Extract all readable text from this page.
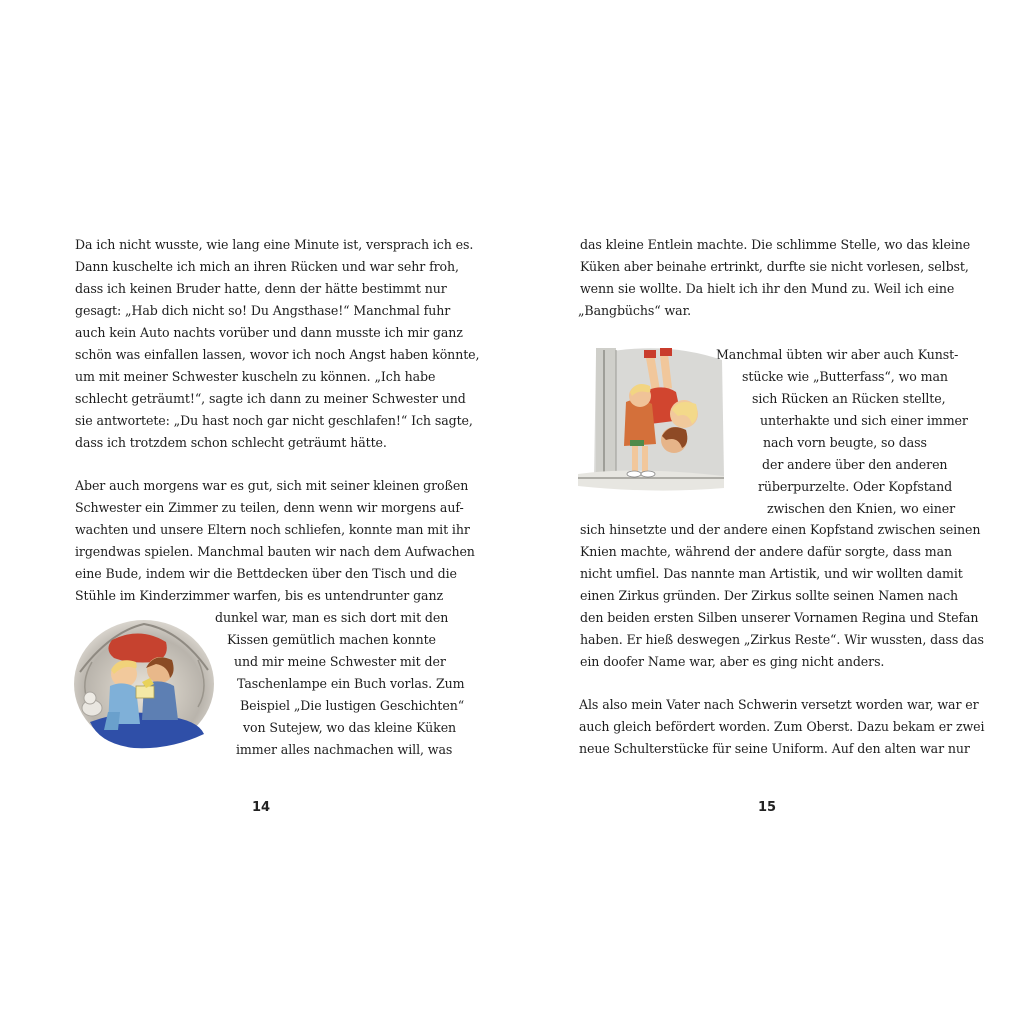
Da ich nicht wusste, wie lang eine Minute ist, versprach ich es.
Dann kuschelte ich mich an ihren Rücken und war sehr froh,
dass ich keinen Bruder hatte, denn der hätte bestimmt nur
gesagt: „Hab dich nicht so! Du Angsthase!“ Manchmal fuhr
auch kein Auto nachts vorüber und dann musste ich mir ganz
schön was einfallen lassen, wovor ich noch Angst haben könnte,
um mit meiner Schwester kuscheln zu können. „Ich habe
schlecht geträumt!“, sagte ich dann zu meiner Schwester und
sie antwortete: „Du hast noch gar nicht geschlafen!“ Ich sagte,
dass ich trotzdem schon schlecht geträumt hätte.
Aber auch morgens war es gut, sich mit seiner kleinen großen
Schwester ein Zimmer zu teilen, denn wenn wir morgens auf-
wachten und unsere Eltern noch schliefen, konnte man mit ihr
irgendwas spielen. Manchmal bauten wir nach dem Aufwachen
eine Bude, indem wir die Bettdecken über den Tisch und die
Stühle im Kinderzimmer warfen, bis es untendrunter ganz
dunkel war, man es sich dort mit den
Kissen gemütlich machen konnte
und mir meine Schwester mit der
Taschenlampe ein Buch vorlas. Zum
Beispiel „Die lustigen Geschichten“
von Sutejew, wo das kleine Küken
immer alles nachmachen will, was
14
das kleine Entlein machte. Die schlimme Stelle, wo das kleine
Küken aber beinahe ertrinkt, durfte sie nicht vorlesen, selbst,
wenn sie wollte. Da hielt ich ihr den Mund zu. Weil ich eine
„Bangbüchs“ war.
Manchmal übten wir aber auch Kunst-
stücke wie „Butterfass“, wo man
sich Rücken an Rücken stellte,
unterhakte und sich einer immer
nach vorn beugte, so dass
der andere über den anderen
rüberpurzelte. Oder Kopfstand
zwischen den Knien, wo einer
sich hinsetzte und der andere einen Kopfstand zwischen seinen
Knien machte, während der andere dafür sorgte, dass man
nicht umfiel. Das nannte man Artistik, und wir wollten damit
einen Zirkus gründen. Der Zirkus sollte seinen Namen nach
den beiden ersten Silben unserer Vornamen Regina und Stefan
haben. Er hieß deswegen „Zirkus Reste“. Wir wussten, dass das
ein doofer Name war, aber es ging nicht anders.
Als also mein Vater nach Schwerin versetzt worden war, war er
auch gleich befördert worden. Zum Oberst. Dazu bekam er zwei
neue Schulterstücke für seine Uniform. Auf den alten war nur
15
